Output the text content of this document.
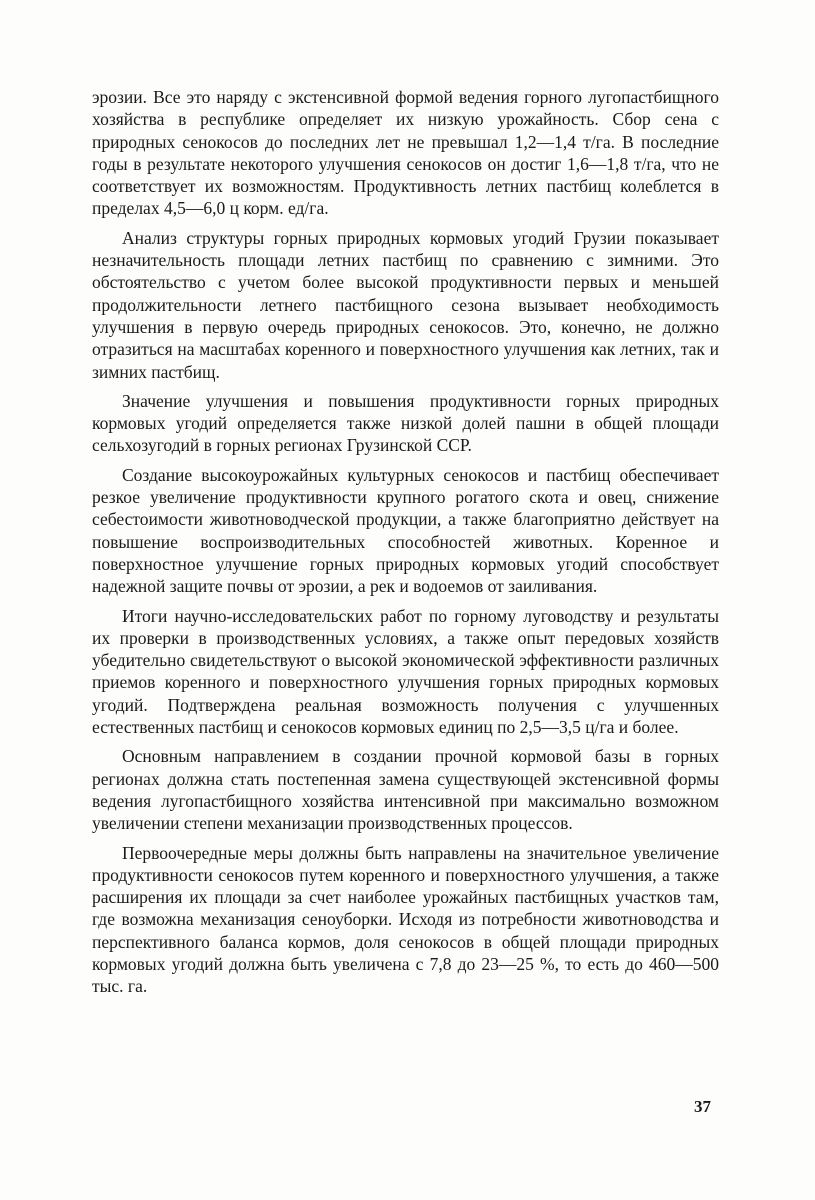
эрозии. Все это наряду с экстенсивной формой ведения горного лугопастбищного хозяйства в республике определяет их низкую урожайность. Сбор сена с природных сенокосов до последних лет не превышал 1,2—1,4 т/га. В последние годы в результате некоторого улучшения сенокосов он достиг 1,6—1,8 т/га, что не соответствует их возможностям. Продуктивность летних пастбищ колеблется в пределах 4,5—6,0 ц корм. ед/га.

Анализ структуры горных природных кормовых угодий Грузии показывает незначительность площади летних пастбищ по сравнению с зимними. Это обстоятельство с учетом более высокой продуктивности первых и меньшей продолжительности летнего пастбищного сезона вызывает необходимость улучшения в первую очередь природных сенокосов. Это, конечно, не должно отразиться на масштабах коренного и поверхностного улучшения как летних, так и зимних пастбищ.

Значение улучшения и повышения продуктивности горных природных кормовых угодий определяется также низкой долей пашни в общей площади сельхозугодий в горных регионах Грузинской ССР.

Создание высокоурожайных культурных сенокосов и пастбищ обеспечивает резкое увеличение продуктивности крупного рогатого скота и овец, снижение себестоимости животноводческой продукции, а также благоприятно действует на повышение воспроизводительных способностей животных. Коренное и поверхностное улучшение горных природных кормовых угодий способствует надежной защите почвы от эрозии, а рек и водоемов от заиливания.

Итоги научно-исследовательских работ по горному луговодству и результаты их проверки в производственных условиях, а также опыт передовых хозяйств убедительно свидетельствуют о высокой экономической эффективности различных приемов коренного и поверхностного улучшения горных природных кормовых угодий. Подтверждена реальная возможность получения с улучшенных естественных пастбищ и сенокосов кормовых единиц по 2,5—3,5 ц/га и более.

Основным направлением в создании прочной кормовой базы в горных регионах должна стать постепенная замена существующей экстенсивной формы ведения лугопастбищного хозяйства интенсивной при максимально возможном увеличении степени механизации производственных процессов.

Первоочередные меры должны быть направлены на значительное увеличение продуктивности сенокосов путем коренного и поверхностного улучшения, а также расширения их площади за счет наиболее урожайных пастбищных участков там, где возможна механизация сеноуборки. Исходя из потребности животноводства и перспективного баланса кормов, доля сенокосов в общей площади природных кормовых угодий должна быть увеличена с 7,8 до 23—25 %, то есть до 460—500 тыс. га.

37
